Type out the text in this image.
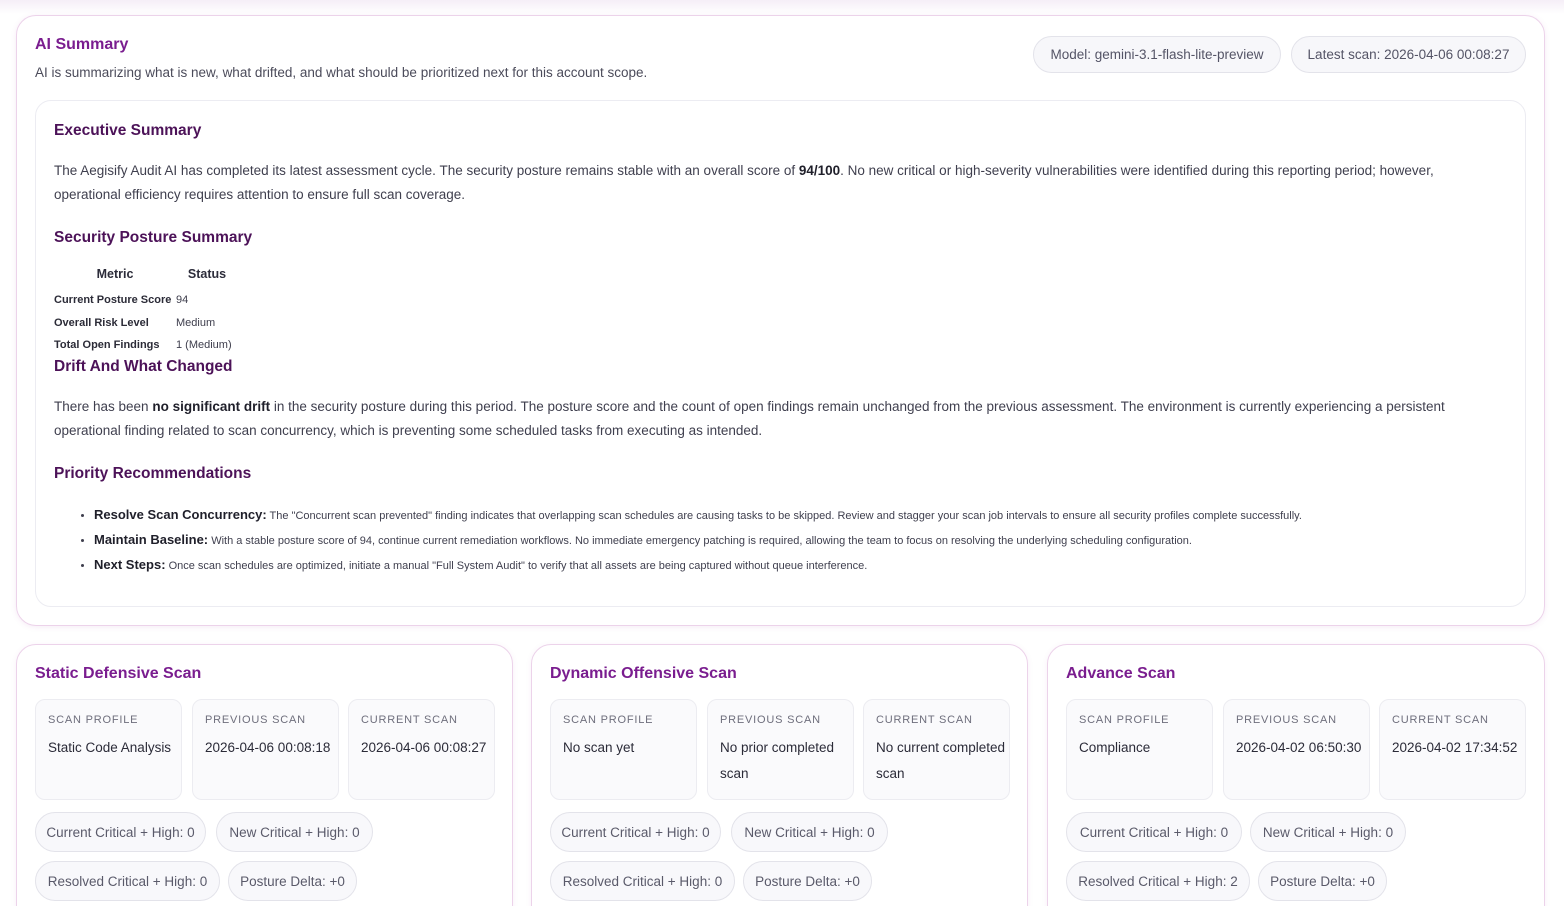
AI Summary
AI is summarizing what is new, what drifted, and what should be prioritized next for this account scope.
Model: gemini-3.1-flash-lite-preview	Latest scan: 2026-04-06 00:08:27
Executive Summary

The Aegisify Audit AI has completed its latest assessment cycle. The security posture remains stable with an overall score of 94/100. No new critical or high-severity vulnerabilities were identified during this reporting period; however, operational efficiency requires attention to ensure full scan coverage.

Security Posture Summary
Metric	Status
Current Posture Score	94
Overall Risk Level	Medium
Total Open Findings	1 (Medium)
Drift And What Changed

There has been no significant drift in the security posture during this period. The posture score and the count of open findings remain unchanged from the previous assessment. The environment is currently experiencing a persistent operational finding related to scan concurrency, which is preventing some scheduled tasks from executing as intended.

Priority Recommendations
• Resolve Scan Concurrency: The "Concurrent scan prevented" finding indicates that overlapping scan schedules are causing tasks to be skipped. Review and stagger your scan job intervals to ensure all security profiles complete successfully.
• Maintain Baseline: With a stable posture score of 94, continue current remediation workflows. No immediate emergency patching is required, allowing the team to focus on resolving the underlying scheduling configuration.
• Next Steps: Once scan schedules are optimized, initiate a manual "Full System Audit" to verify that all assets are being captured without queue interference.
Static Defensive Scan
SCAN PROFILE
Static Code Analysis
PREVIOUS SCAN
2026-04-06 00:08:18
CURRENT SCAN
2026-04-06 00:08:27
Current Critical + High: 0	New Critical + High: 0
Resolved Critical + High: 0	Posture Delta: +0
Dynamic Offensive Scan
SCAN PROFILE
No scan yet
PREVIOUS SCAN
No prior completed scan
CURRENT SCAN
No current completed scan
Current Critical + High: 0	New Critical + High: 0
Resolved Critical + High: 0	Posture Delta: +0
Advance Scan
SCAN PROFILE
Compliance
PREVIOUS SCAN
2026-04-02 06:50:30
CURRENT SCAN
2026-04-02 17:34:52
Current Critical + High: 0	New Critical + High: 0
Resolved Critical + High: 2	Posture Delta: +0
